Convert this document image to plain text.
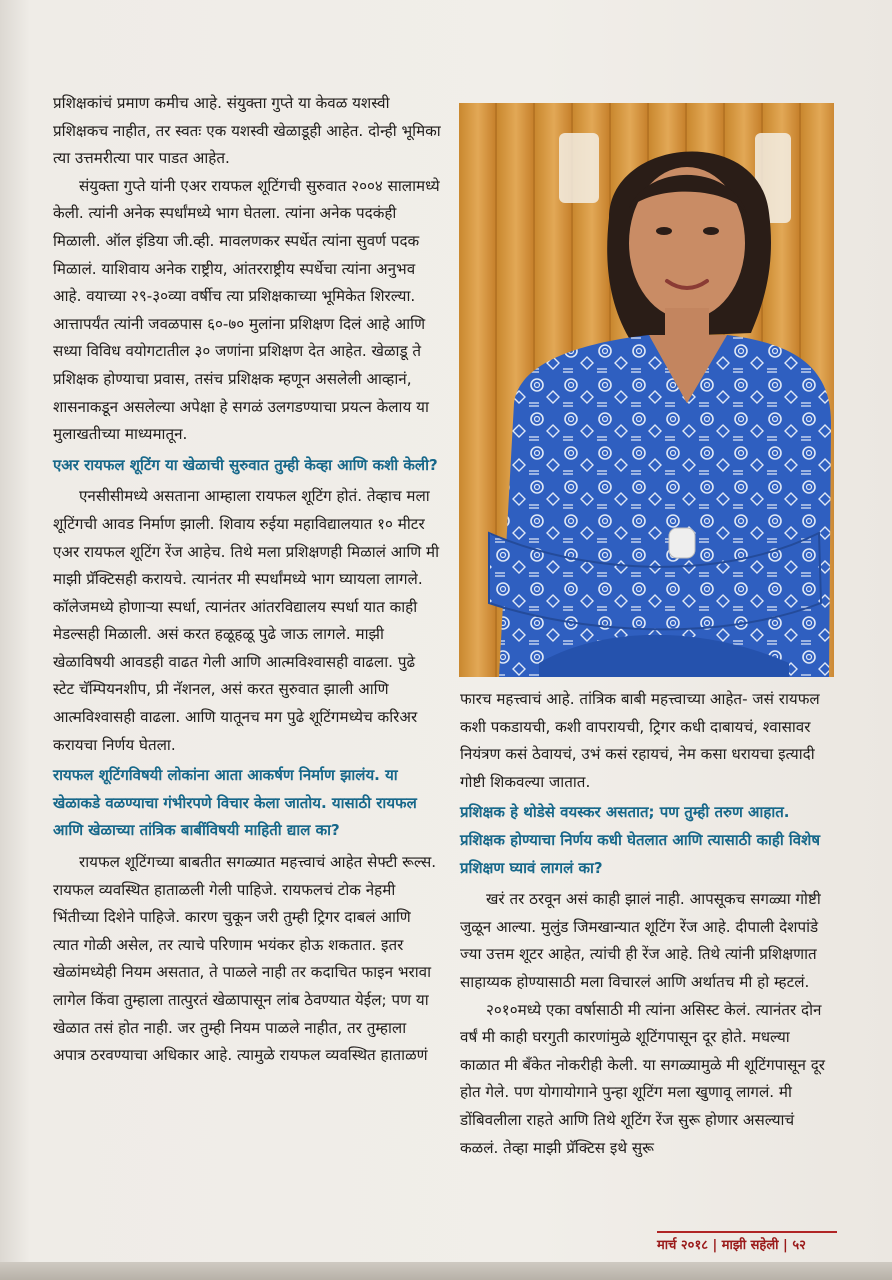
प्रशिक्षकांचं प्रमाण कमीच आहे. संयुक्ता गुप्ते या केवळ यशस्वी प्रशिक्षकच नाहीत, तर स्वतः एक यशस्वी खेळाडूही आहेत. दोन्ही भूमिका त्या उत्तमरीत्या पार पाडत आहेत.

संयुक्ता गुप्ते यांनी एअर रायफल शूटिंगची सुरुवात २००४ सालामध्ये केली. त्यांनी अनेक स्पर्धांमध्ये भाग घेतला. त्यांना अनेक पदकंही मिळाली. ऑल इंडिया जी.व्ही. मावलणकर स्पर्धेत त्यांना सुवर्ण पदक मिळालं. याशिवाय अनेक राष्ट्रीय, आंतरराष्ट्रीय स्पर्धेचा त्यांना अनुभव आहे. वयाच्या २९-३०व्या वर्षीच त्या प्रशिक्षकाच्या भूमिकेत शिरल्या. आत्तापर्यंत त्यांनी जवळपास ६०-७० मुलांना प्रशिक्षण दिलं आहे आणि सध्या विविध वयोगटातील ३० जणांना प्रशिक्षण देत आहेत. खेळाडू ते प्रशिक्षक होण्याचा प्रवास, तसंच प्रशिक्षक म्हणून असलेली आव्हानं, शासनाकडून असलेल्या अपेक्षा हे सगळं उलगडण्याचा प्रयत्न केलाय या मुलाखतीच्या माध्यमातून.

एअर रायफल शूटिंग या खेळाची सुरुवात तुम्ही केव्हा आणि कशी केली?

एनसीसीमध्ये असताना आम्हाला रायफल शूटिंग होतं. तेव्हाच मला शूटिंगची आवड निर्माण झाली. शिवाय रुईया महाविद्यालयात १० मीटर एअर रायफल शूटिंग रेंज आहेच. तिथे मला प्रशिक्षणही मिळालं आणि मी माझी प्रॅक्टिसही करायचे. त्यानंतर मी स्पर्धांमध्ये भाग घ्यायला लागले. कॉलेजमध्ये होणाऱ्या स्पर्धा, त्यानंतर आंतरविद्यालय स्पर्धा यात काही मेडल्सही मिळाली. असं करत हळूहळू पुढे जाऊ लागले. माझी खेळाविषयी आवडही वाढत गेली आणि आत्मविश्वासही वाढला. पुढे स्टेट चॅम्पियनशीप, प्री नॅशनल, असं करत सुरुवात झाली आणि आत्मविश्वासही वाढला. आणि यातूनच मग पुढे शूटिंगमध्येच करिअर करायचा निर्णय घेतला.

रायफल शूटिंगविषयी लोकांना आता आकर्षण निर्माण झालंय. या खेळाकडे वळण्याचा गंभीरपणे विचार केला जातोय. यासाठी रायफल आणि खेळाच्या तांत्रिक बाबींविषयी माहिती द्याल का?

रायफल शूटिंगच्या बाबतीत सगळ्यात महत्त्वाचं आहेत सेफ्टी रूल्स. रायफल व्यवस्थित हाताळली गेली पाहिजे. रायफलचं टोक नेहमी भिंतीच्या दिशेने पाहिजे. कारण चुकून जरी तुम्ही ट्रिगर दाबलं आणि त्यात गोळी असेल, तर त्याचे परिणाम भयंकर होऊ शकतात. इतर खेळांमध्येही नियम असतात, ते पाळले नाही तर कदाचित फाइन भरावा लागेल किंवा तुम्हाला तात्पुरतं खेळापासून लांब ठेवण्यात येईल; पण या खेळात तसं होत नाही. जर तुम्ही नियम पाळले नाहीत, तर तुम्हाला अपात्र ठरवण्याचा अधिकार आहे. त्यामुळे रायफल व्यवस्थित हाताळणं

फारच महत्त्वाचं आहे. तांत्रिक बाबी महत्त्वाच्या आहेत- जसं रायफल कशी पकडायची, कशी वापरायची, ट्रिगर कधी दाबायचं, श्वासावर नियंत्रण कसं ठेवायचं, उभं कसं रहायचं, नेम कसा धरायचा इत्यादी गोष्टी शिकवल्या जातात.

प्रशिक्षक हे थोडेसे वयस्कर असतात; पण तुम्ही तरुण आहात. प्रशिक्षक होण्याचा निर्णय कधी घेतलात आणि त्यासाठी काही विशेष प्रशिक्षण घ्यावं लागलं का?

खरं तर ठरवून असं काही झालं नाही. आपसूकच सगळ्या गोष्टी जुळून आल्या. मुलुंड जिमखान्यात शूटिंग रेंज आहे. दीपाली देशपांडे ज्या उत्तम शूटर आहेत, त्यांची ही रेंज आहे. तिथे त्यांनी प्रशिक्षणात साहाय्यक होण्यासाठी मला विचारलं आणि अर्थातच मी हो म्हटलं.

२०१०मध्ये एका वर्षासाठी मी त्यांना असिस्ट केलं. त्यानंतर दोन वर्षं मी काही घरगुती कारणांमुळे शूटिंगपासून दूर होते. मधल्या काळात मी बँकेत नोकरीही केली. या सगळ्यामुळे मी शूटिंगपासून दूर होत गेले. पण योगायोगाने पुन्हा शूटिंग मला खुणावू लागलं. मी डोंबिवलीला राहते आणि तिथे शूटिंग रेंज सुरू होणार असल्याचं कळलं. तेव्हा माझी प्रॅक्टिस इथे सुरू

मार्च २०१८ | माझी सहेली | ५२
